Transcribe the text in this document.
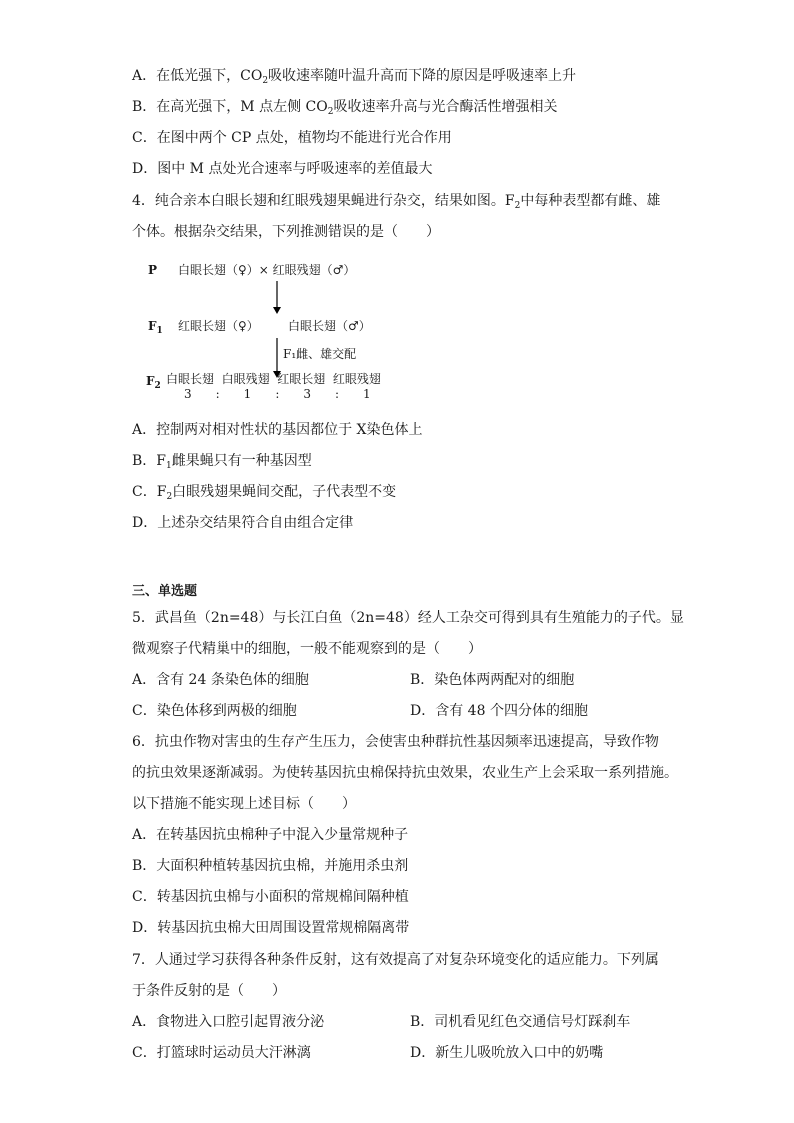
A．在低光强下，$CO_2$吸收速率随叶温升高而下降的原因是呼吸速率上升
B．在高光强下，M 点左侧 $CO_2$吸收速率升高与光合酶活性增强相关
C．在图中两个 CP 点处，植物均不能进行光合作用
D．图中 M 点处光合速率与呼吸速率的差值最大
4．纯合亲本白眼长翅和红眼残翅果蝇进行杂交，结果如图。$F_2$中每种表型都有雌、雄
个体。根据杂交结果，下列推测错误的是（　　）
P 白眼长翅（♀）× 红眼残翅（♂）
$F_1$ 红眼长翅（♀） 白眼长翅（♂）
F₁雌、雄交配
$F_2$ 白眼长翅  白眼残翅  红眼长翅  红眼残翅
3　　:　　1　　:　　3　　:　　1
A．控制两对相对性状的基因都位于 X染色体上
B．$F_1$雌果蝇只有一种基因型
C．$F_2$白眼残翅果蝇间交配，子代表型不变
D．上述杂交结果符合自由组合定律
三、单选题
5．武昌鱼（2n=48）与长江白鱼（2n=48）经人工杂交可得到具有生殖能力的子代。显
微观察子代精巢中的细胞，一般不能观察到的是（　　）
A．含有 24 条染色体的细胞	B．染色体两两配对的细胞
C．染色体移到两极的细胞	D．含有 48 个四分体的细胞
6．抗虫作物对害虫的生存产生压力，会使害虫种群抗性基因频率迅速提高，导致作物
的抗虫效果逐渐减弱。为使转基因抗虫棉保持抗虫效果，农业生产上会采取一系列措施。
以下措施不能实现上述目标（　　）
A．在转基因抗虫棉种子中混入少量常规种子
B．大面积种植转基因抗虫棉，并施用杀虫剂
C．转基因抗虫棉与小面积的常规棉间隔种植
D．转基因抗虫棉大田周围设置常规棉隔离带
7．人通过学习获得各种条件反射，这有效提高了对复杂环境变化的适应能力。下列属
于条件反射的是（　　）
A．食物进入口腔引起胃液分泌	B．司机看见红色交通信号灯踩刹车
C．打篮球时运动员大汗淋漓	D．新生儿吸吮放入口中的奶嘴
